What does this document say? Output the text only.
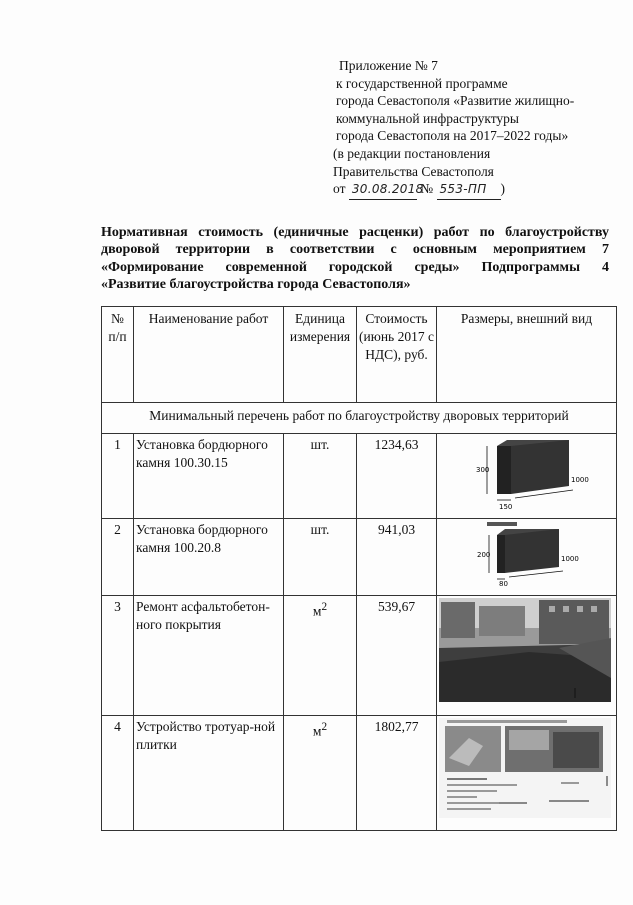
Приложение № 7
к государственной программе
города Севастополя «Развитие жилищно-
коммунальной инфраструктуры
города Севастополя на 2017–2022 годы»
(в редакции постановления
Правительства Севастополя
от 30.08.2018 № 553-ПП )
Нормативная стоимость (единичные расценки) работ по благоустройству
дворовой территории в соответствии с основным мероприятием 7
«Формирование современной городской среды» Подпрограммы 4
«Развитие благоустройства города Севастополя»
№ п/п	Наименование работ	Единица измерения	Стоимость (июнь 2017 с НДС), руб.	Размеры, внешний вид
Минимальный перечень работ по благоустройству дворовых территорий				
1	Установка бордюрного камня 100.30.15	шт.	1234,63	300
150
1000

2	Установка бордюрного камня 100.20.8	шт.	941,03	200
80
1000

3	Ремонт асфальтобетон-ного покрытия	$м^2$	539,67	

4	Устройство тротуар-ной плитки	$м^2$	1802,77	
